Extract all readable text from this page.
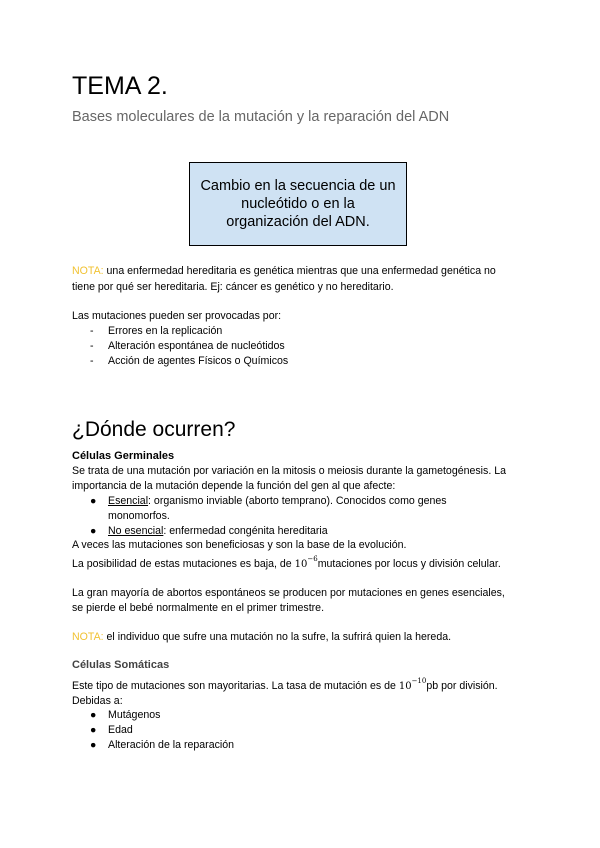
TEMA 2.
Bases moleculares de la mutación y la reparación del ADN
Cambio en la secuencia de un
nucleótido o en la
organización del ADN.
NOTA: una enfermedad hereditaria es genética mientras que una enfermedad genética no
tiene por qué ser hereditaria. Ej: cáncer es genético y no hereditario.
Las mutaciones pueden ser provocadas por:
-	Errores en la replicación
-	Alteración espontánea de nucleótidos
-	Acción de agentes Físicos o Químicos
¿Dónde ocurren?
Células Germinales
Se trata de una mutación por variación en la mitosis o meiosis durante la gametogénesis. La
importancia de la mutación depende la función del gen al que afecte:
●	Esencial: organismo inviable (aborto temprano). Conocidos como genes
monomorfos.
●	No esencial: enfermedad congénita hereditaria
A veces las mutaciones son beneficiosas y son la base de la evolución.
La posibilidad de estas mutaciones es baja, de $10^{-6}mutaciones$ por locus y división celular.
La gran mayoría de abortos espontáneos se producen por mutaciones en genes esenciales,
se pierde el bebé normalmente en el primer trimestre.
NOTA: el individuo que sufre una mutación no la sufre, la sufrirá quien la hereda.
Células Somáticas
Este tipo de mutaciones son mayoritarias. La tasa de mutación es de $10^{-10}pb$ por división.
Debidas a:
●	Mutágenos
●	Edad
●	Alteración de la reparación
